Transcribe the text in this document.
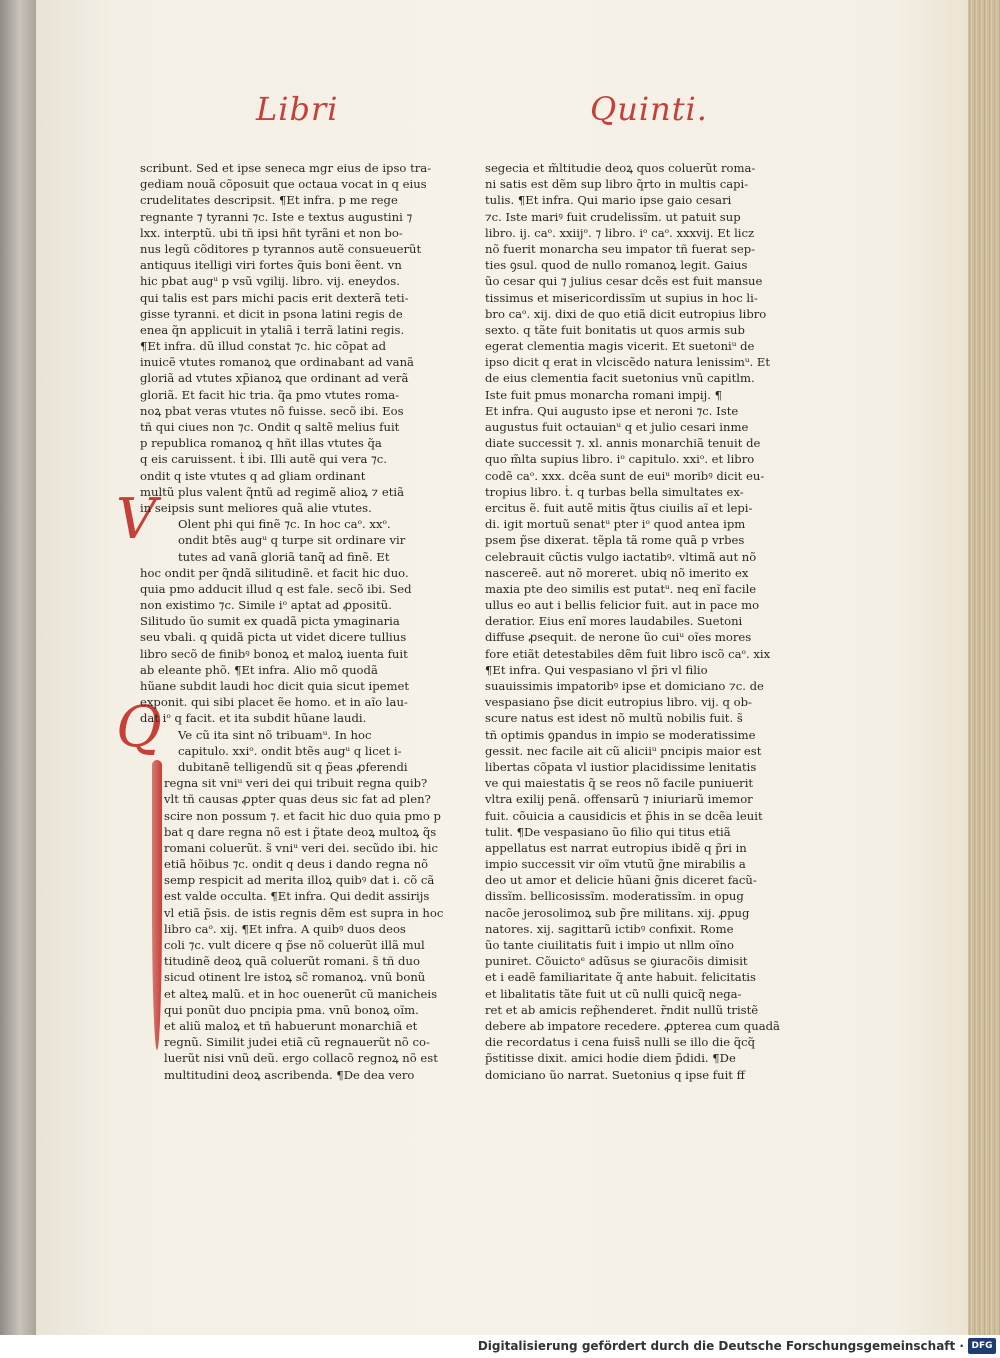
Libri	Quinti.
V
Q
scribunt. Sed et ipse seneca mgr eius de ipso tra-
gediam nouã cõposuit que octaua vocat in q eius
crudelitates descripsit. ¶Et infra. p me rege
regnante ⁊ tyranni ⁊c. Iste e textus augustini ⁊
lxx. interptũ. ubi tñ ipsi hñt tyrãni et non bo-
nus legũ cõditores p tyrannos autẽ consueuerũt
antiquus itelligi viri fortes q̃uis boni ẽent. vn
hic pbat augᵘ p vsũ vgilij. libro. vij. eneydos.
qui talis est pars michi pacis erit dexterã teti-
gisse tyranni. et dicit in psona latini regis de
enea q̃n applicuit in ytaliã i terrã latini regis.
¶Et infra. dũ illud constat ⁊c. hic cõpat ad
inuicẽ vtutes romanoꝝ que ordinabant ad vanã
gloriã ad vtutes xp̃ianoꝝ que ordinant ad verã
gloriã. Et facit hic tria. q̃a pmo vtutes roma-
noꝝ pbat veras vtutes nõ fuisse. secõ ibi. Eos
tñ qui ciues non ⁊c. Ondit q saltẽ melius fuit
p republica romanoꝝ q hñt illas vtutes q̃a
q eis caruissent. ṫ ibi. Illi autẽ qui vera ⁊c.
ondit q iste vtutes q ad gliam ordinant
multũ plus valent q̃ntũ ad regimẽ alioꝝ ⁊ etiã
in seipsis sunt meliores quã alie vtutes.
Olent phi qui finẽ ⁊c. In hoc caᵒ. xxᵒ.
ondit btẽs augᵘ q turpe sit ordinare vir
tutes ad vanã gloriã tanq̃ ad finẽ. Et
hoc ondit per q̃ndã silitudinẽ. et facit hic duo.
quia pmo adducit illud q est fale. secõ ibi. Sed
non existimo ⁊c. Simile iᵒ aptat ad ꝓpositũ.
Silitudo ũo sumit ex quadã picta ymaginaria
seu vbali. q quidã picta ut videt dicere tullius
libro secõ de finibꝰ bonoꝝ et maloꝝ iuenta fuit
ab eleante phõ. ¶Et infra. Alio mõ quodã
hũane subdit laudi hoc dicit quia sicut ipemet
exponit. qui sibi placet ẽe homo. et in aĩo lau-
dat iᵒ q facit. et ita subdit hũane laudi.
Ve cũ ita sint nõ tribuamᵘ. In hoc
capitulo. xxiᵒ. ondit btẽs augᵘ q licet i-
dubitanẽ telligendũ sit q p̃eas ꝓferendi
regna sit vniᵘ veri dei qui tribuit regna quib?
vlt tñ causas ꝓpter quas deus sic fat ad plen?
scire non possum ⁊. et facit hic duo quia pmo p
bat q dare regna nõ est i p̃tate deoꝝ multoꝝ q̃s
romani coluerũt. s̃ vniᵘ veri dei. secũdo ibi. hic
etiã hõibus ⁊c. ondit q deus i dando regna nõ
semp respicit ad merita illoꝝ quibꝰ dat i. cõ cã
est valde occulta. ¶Et infra. Qui dedit assirijs
vl etiã p̃sis. de istis regnis dẽm est supra in hoc
libro caᵒ. xij. ¶Et infra. A quibꝰ duos deos
coli ⁊c. vult dicere q p̃se nõ coluerũt illã mul
titudinẽ deoꝝ quã coluerũt romani. s̃ tñ duo
sicud otinent lre istoꝝ sc̃ romanoꝝ. vnũ bonũ
et alteꝝ malũ. et in hoc ouenerũt cũ manicheis
qui ponũt duo pncipia pma. vnũ bonoꝝ oĩm.
et aliũ maloꝝ et tñ habuerunt monarchiã et
regnũ. Similit judei etiã cũ regnauerũt nõ co-
luerũt nisi vnũ deũ. ergo collacõ regnoꝝ nõ est
multitudini deoꝝ ascribenda. ¶De dea vero
segecia et m̃ltitudie deoꝝ quos coluerũt roma-
ni satis est dẽm sup libro q̃rto in multis capi-
tulis. ¶Et infra. Qui mario ipse gaio cesari
⁊c. Iste mariꝰ fuit crudelissĩm. ut patuit sup
libro. ij. caᵒ. xxiijᵒ. ⁊ libro. iᵒ caᵒ. xxxvij. Et licz
nõ fuerit monarcha seu impator tñ fuerat sep-
ties ꝯsul. quod de nullo romanoꝝ legit. Gaius
ũo cesar qui ⁊ julius cesar dcẽs est fuit mansue
tissimus et misericordissĩm ut supius in hoc li-
bro caᵒ. xij. dixi de quo etiã dicit eutropius libro
sexto. q tãte fuit bonitatis ut quos armis sub
egerat clementia magis vicerit. Et suetoniᵘ de
ipso dicit q erat in vlciscẽdo natura lenissimᵘ. Et
de eius clementia facit suetonius vnũ capitlm.
Iste fuit pmus monarcha romani impij. ¶
Et infra. Qui augusto ipse et neroni ⁊c. Iste
augustus fuit octauianᵘ q et julio cesari inme
diate successit ⁊. xl. annis monarchiã tenuit de
quo m̃lta supius libro. iᵒ capitulo. xxiᵒ. et libro
codẽ caᵒ. xxx. dcẽa sunt de euiᵘ moribꝰ dicit eu-
tropius libro. ṫ. q turbas bella simultates ex-
ercitus ẽ. fuit autẽ mitis q̃tus ciuilis aĩ et lepi-
di. igit mortuũ senatᵘ pter iᵒ quod antea ipm
psem p̃se dixerat. tẽpla tã rome quã p vrbes
celebrauit cũctis vulgo iactatibꝰ. vltimã aut nõ
nascereẽ. aut nõ moreret. ubiq nõ imerito ex
maxia pte deo similis est putatᵘ. neq enĩ facile
ullus eo aut i bellis felicior fuit. aut in pace mo
deratior. Eius enĩ mores laudabiles. Suetoni
diffuse ꝓsequit. de nerone ũo cuiᵘ oĩes mores
fore etiãt detestabiles dẽm fuit libro iscõ caᵒ. xix
¶Et infra. Qui vespasiano vl p̃ri vl filio
suauissimis impatoribꝰ ipse et domiciano ⁊c. de
vespasiano p̃se dicit eutropius libro. vij. q ob-
scure natus est idest nõ multũ nobilis fuit. s̃
tñ optimis ꝯpandus in impio se moderatissime
gessit. nec facile ait cũ aliciiᵘ pncipis maior est
libertas cõpata vl iustior placidissime lenitatis
ve qui maiestatis q̃ se reos nõ facile puniuerit
vltra exilij penã. offensarũ ⁊ iniuriarũ imemor
fuit. cõuicia a causidicis et p̃his in se dcẽa leuit
tulit. ¶De vespasiano ũo filio qui titus etiã
appellatus est narrat eutropius ibidẽ q p̃ri in
impio successit vir oĩm vtutũ g̃ne mirabilis a
deo ut amor et delicie hũani g̃nis diceret facũ-
dissĩm. bellicosissĩm. moderatissĩm. in opug
nacõe jerosolimoꝝ sub p̃re militans. xij. ꝓpug
natores. xij. sagittarũ ictibꝰ confixit. Rome
ũo tante ciuilitatis fuit i impio ut nllm oĩno
puniret. Cõuictoᵉ adũsus se ꝯiuracõis dimisit
et i eadẽ familiaritate q̃ ante habuit. felicitatis
et libalitatis tãte fuit ut cũ nulli quicq̃ nega-
ret et ab amicis rep̃henderet. r̃ndit nullũ tristẽ
debere ab impatore recedere. ꝓpterea cum quadã
die recordatus i cena fuiss̃ nulli se illo die q̃cq̃
p̃stitisse dixit. amici hodie diem p̃didi. ¶De
domiciano ũo narrat. Suetonius q ipse fuit ff
Digitalisierung gefördert durch die Deutsche Forschungsgemeinschaft · DFG
